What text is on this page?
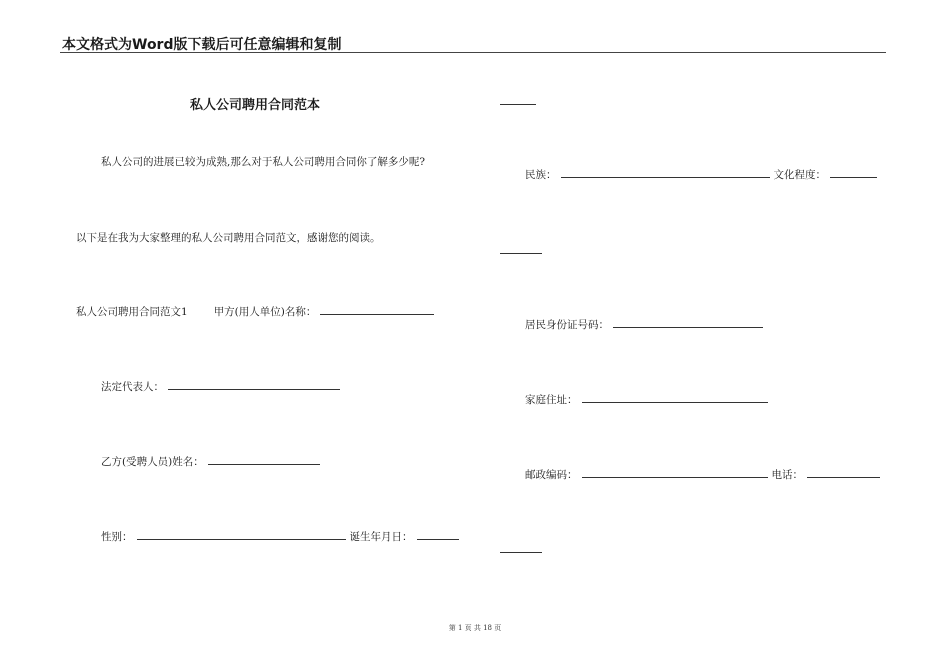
本文格式为Word版下载后可任意编辑和复制
私人公司聘用合同范本
私人公司的进展已较为成熟,那么对于私人公司聘用合同你了解多少呢?
以下是在我为大家整理的私人公司聘用合同范文，感谢您的阅读。
私人公司聘用合同范文1 甲方(用人单位)名称：
法定代表人：
乙方(受聘人员)姓名：
性别：	诞生年月日：
民族：	文化程度：
居民身份证号码：
家庭住址：
邮政编码：	电话：
第 1 页 共 18 页
